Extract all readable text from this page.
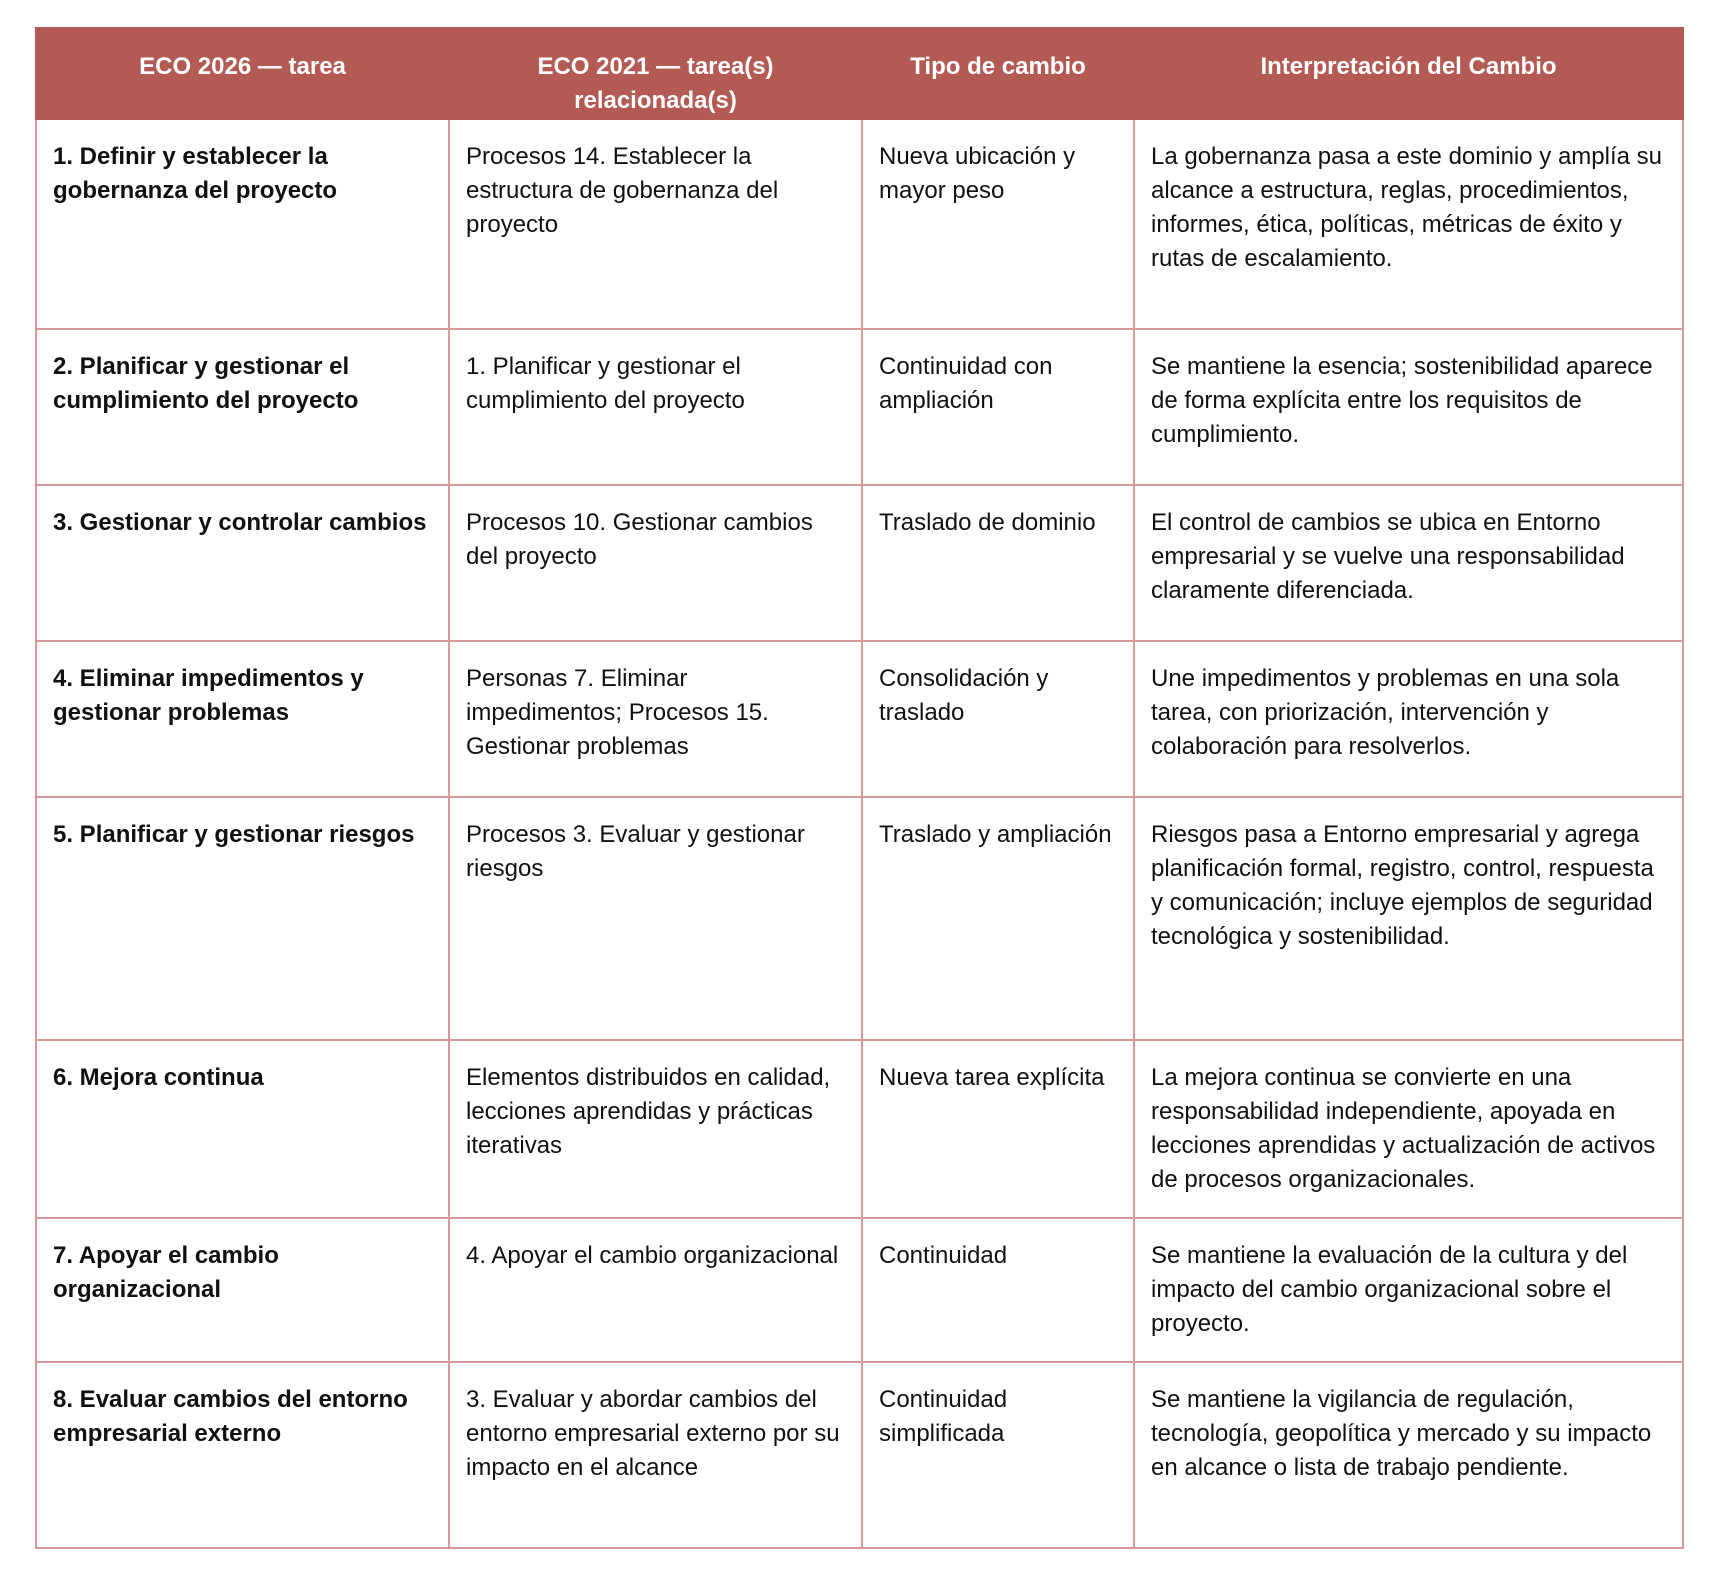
ECO 2026 — tarea	ECO 2021 — tarea(s) relacionada(s)	Tipo de cambio	Interpretación del Cambio
1. Definir y establecer la gobernanza del proyecto	Procesos 14. Establecer la estructura de gobernanza del proyecto	Nueva ubicación y mayor peso	La gobernanza pasa a este dominio y amplía su alcance a estructura, reglas, procedimientos, informes, ética, políticas, métricas de éxito y rutas de escalamiento.
2. Planificar y gestionar el cumplimiento del proyecto	1. Planificar y gestionar el cumplimiento del proyecto	Continuidad con ampliación	Se mantiene la esencia; sostenibilidad aparece de forma explícita entre los requisitos de cumplimiento.
3. Gestionar y controlar cambios	Procesos 10. Gestionar cambios del proyecto	Traslado de dominio	El control de cambios se ubica en Entorno empresarial y se vuelve una responsabilidad claramente diferenciada.
4. Eliminar impedimentos y gestionar problemas	Personas 7. Eliminar impedimentos; Procesos 15. Gestionar problemas	Consolidación y traslado	Une impedimentos y problemas en una sola tarea, con priorización, intervención y colaboración para resolverlos.
5. Planificar y gestionar riesgos	Procesos 3. Evaluar y gestionar riesgos	Traslado y ampliación	Riesgos pasa a Entorno empresarial y agrega planificación formal, registro, control, respuesta y comunicación; incluye ejemplos de seguridad tecnológica y sostenibilidad.
6. Mejora continua	Elementos distribuidos en calidad, lecciones aprendidas y prácticas iterativas	Nueva tarea explícita	La mejora continua se convierte en una responsabilidad independiente, apoyada en lecciones aprendidas y actualización de activos de procesos organizacionales.
7. Apoyar el cambio organizacional	4. Apoyar el cambio organizacional	Continuidad	Se mantiene la evaluación de la cultura y del impacto del cambio organizacional sobre el proyecto.
8. Evaluar cambios del entorno empresarial externo	3. Evaluar y abordar cambios del entorno empresarial externo por su impacto en el alcance	Continuidad simplificada	Se mantiene la vigilancia de regulación, tecnología, geopolítica y mercado y su impacto en alcance o lista de trabajo pendiente.
